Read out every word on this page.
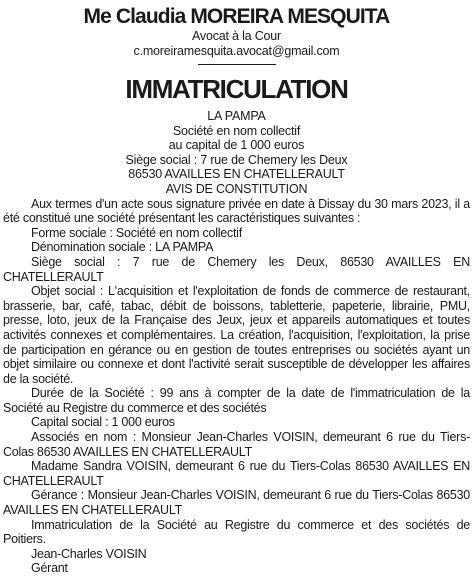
Me Claudia MOREIRA MESQUITA
Avocat à la Cour
c.moreiramesquita.avocat@gmail.com
IMMATRICULATION
LA PAMPA
Société en nom collectif
au capital de 1 000 euros
Siège social : 7 rue de Chemery les Deux
86530 AVAILLES EN CHATELLERAULT
AVIS DE CONSTITUTION

Aux termes d'un acte sous signature privée en date à Dissay du 30 mars 2023, il a été constitué une société présentant les caractéristiques suivantes :

Forme sociale : Société en nom collectif

Dénomination sociale : LA PAMPA

Siège social : 7 rue de Chemery les Deux, 86530 AVAILLES EN CHATELLERAULT

Objet social : L'acquisition et l'exploitation de fonds de commerce de restaurant, brasserie, bar, café, tabac, débit de boissons, tabletterie, papeterie, librairie, PMU, presse, loto, jeux de la Française des Jeux, jeux et appareils automatiques et toutes activités connexes et complémentaires. La création, l'acquisition, l'exploitation, la prise de participation en gérance ou en gestion de toutes entreprises ou sociétés ayant un objet similaire ou connexe et dont l'activité serait susceptible de développer les affaires de la société.

Durée de la Société : 99 ans à compter de la date de l'immatriculation de la Société au Registre du commerce et des sociétés

Capital social : 1 000 euros

Associés en nom : Monsieur Jean-Charles VOISIN, demeurant 6 rue du Tiers-Colas 86530 AVAILLES EN CHATELLERAULT

Madame Sandra VOISIN, demeurant 6 rue du Tiers-Colas 86530 AVAILLES EN CHATELLERAULT

Gérance : Monsieur Jean-Charles VOISIN, demeurant 6 rue du Tiers-Colas 86530 AVAILLES EN CHATELLERAULT

Immatriculation de la Société au Registre du commerce et des sociétés de Poitiers.

Jean-Charles VOISIN

Gérant
